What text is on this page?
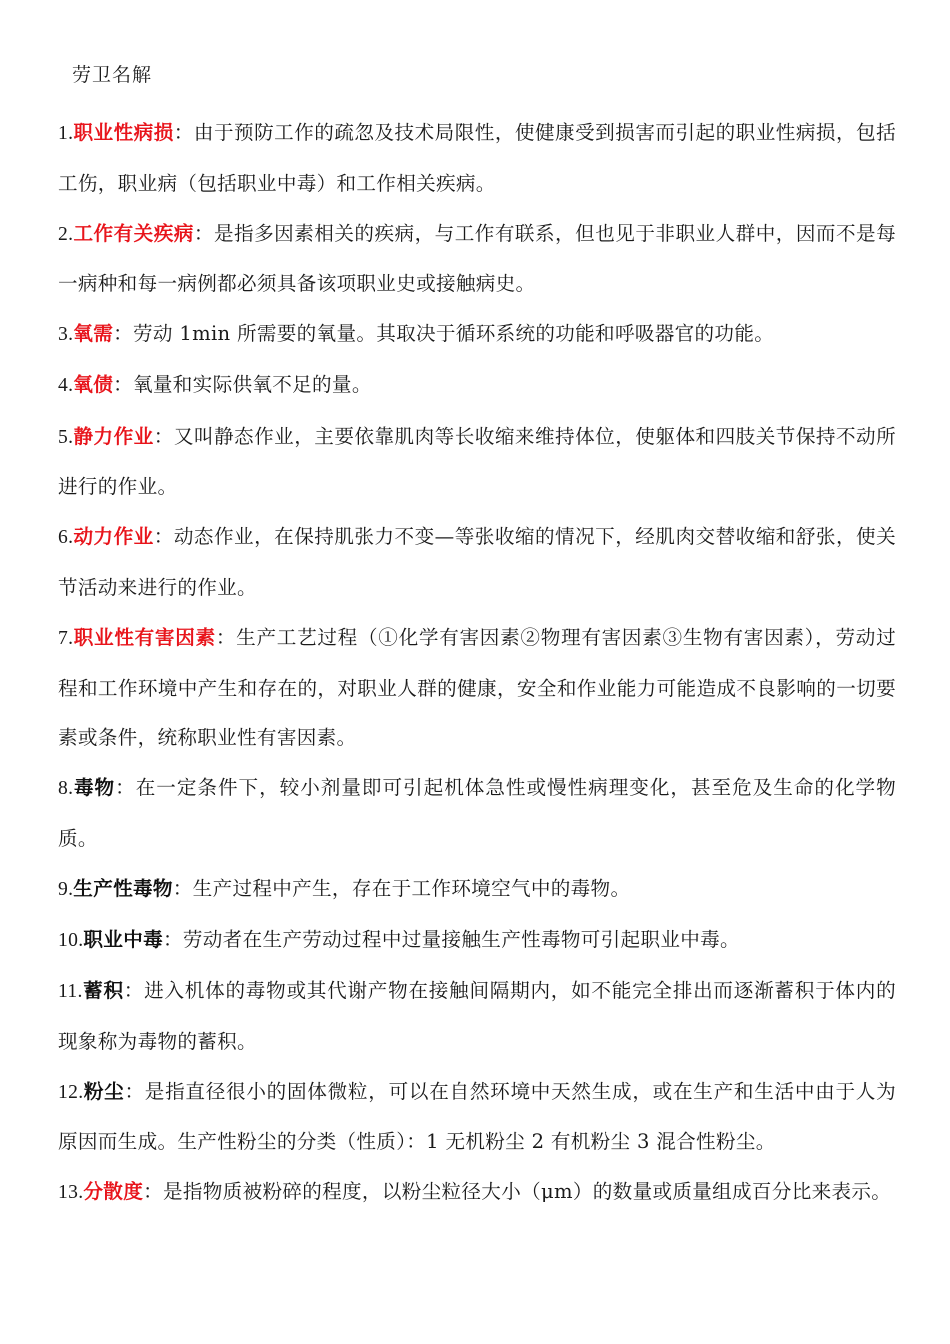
劳卫名解

1.职业性病损：由于预防工作的疏忽及技术局限性，使健康受到损害而引起的职业性病损，包括工伤，职业病（包括职业中毒）和工作相关疾病。

2.工作有关疾病：是指多因素相关的疾病，与工作有联系，但也见于非职业人群中，因而不是每一病种和每一病例都必须具备该项职业史或接触病史。

3.氧需：劳动 1min 所需要的氧量。其取决于循环系统的功能和呼吸器官的功能。

4.氧债：氧量和实际供氧不足的量。

5.静力作业：又叫静态作业，主要依靠肌肉等长收缩来维持体位，使躯体和四肢关节保持不动所进行的作业。

6.动力作业：动态作业，在保持肌张力不变—等张收缩的情况下，经肌肉交替收缩和舒张，使关节活动来进行的作业。

7.职业性有害因素：生产工艺过程（①化学有害因素②物理有害因素③生物有害因素），劳动过程和工作环境中产生和存在的，对职业人群的健康，安全和作业能力可能造成不良影响的一切要素或条件，统称职业性有害因素。

8.毒物：在一定条件下，较小剂量即可引起机体急性或慢性病理变化，甚至危及生命的化学物质。

9.生产性毒物：生产过程中产生，存在于工作环境空气中的毒物。

10.职业中毒：劳动者在生产劳动过程中过量接触生产性毒物可引起职业中毒。

11.蓄积：进入机体的毒物或其代谢产物在接触间隔期内，如不能完全排出而逐渐蓄积于体内的现象称为毒物的蓄积。

12.粉尘：是指直径很小的固体微粒，可以在自然环境中天然生成，或在生产和生活中由于人为原因而生成。生产性粉尘的分类（性质）：1 无机粉尘 2 有机粉尘 3 混合性粉尘。

13.分散度：是指物质被粉碎的程度，以粉尘粒径大小（μm）的数量或质量组成百分比来表示。
